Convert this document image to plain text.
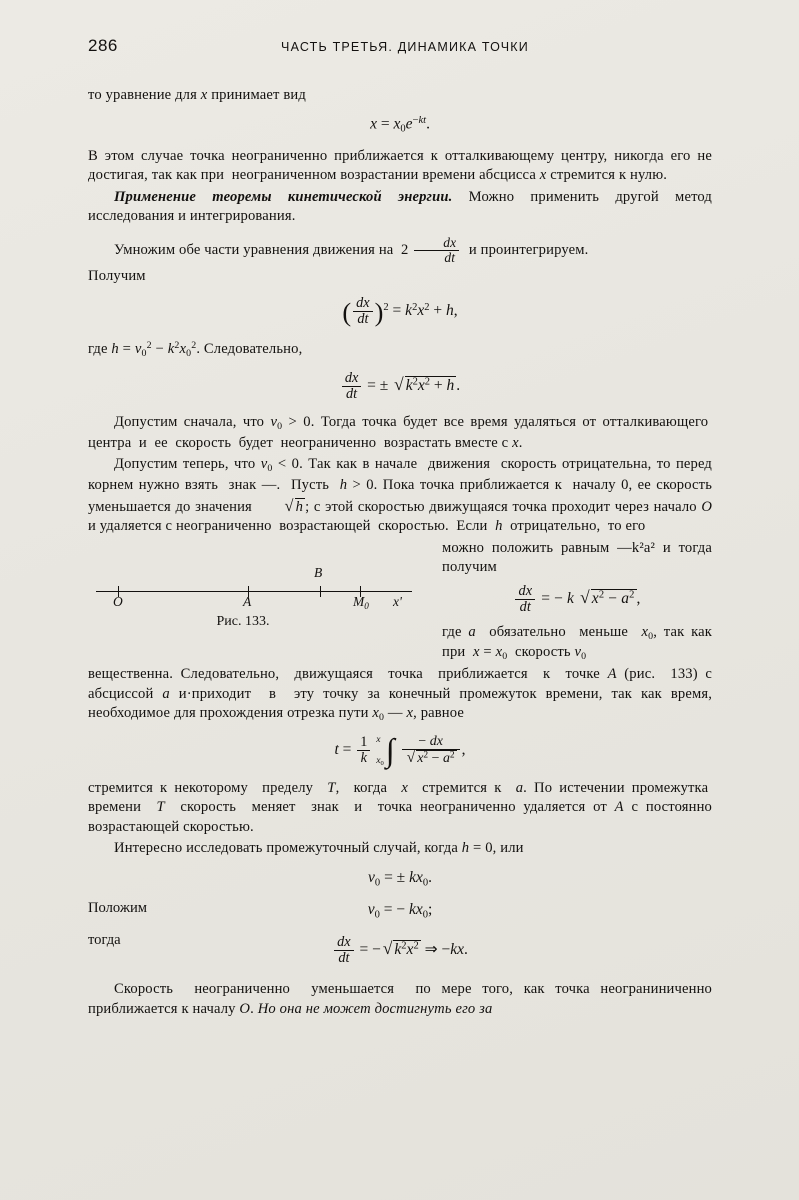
286	ЧАСТЬ ТРЕТЬЯ. ДИНАМИКА ТОЧКИ

то уравнение для x принимает вид

$x = x_0e^{-kt}$.

В этом случае точка неограниченно приближается к отталкивающему центру, никогда его не достигая, так как при  неограниченном возрастании времени абсцисса x стремится к нулю.

Применение теоремы кинетической энергии. Можно применить другой метод исследования и интегрирования.

Умножим обе части уравнения движения на  $2 \frac{dx}{dt}$ и проинтегрируем.

Получим

( $\frac{dx}{dt} )^2 = k^2x^2 + h$,

где $h = v_0^2 - k^2x_0^2$. Следовательно,

$\frac{dx}{dt}$ = ± √ $k^2x^2 + h$ .

Допустим сначала, что $v_0 > 0$. Тогда точка будет все время удаляться от отталкивающего  центра  и  ее  скорость  будет  неограниченно  возрастать вместе с x.

Допустим теперь, что $v_0 < 0$. Так как в начале  движения  скорость отрицательна, то перед корнем нужно взять  знак —.  Пусть  h > 0. Пока точка приближается к  началу 0, ее скорость уменьшается до значения √ h ; с этой скоростью движущаяся точка проходит через начало O и удаляется с неограниченно  возрастающей  скоростью.  Если  h  отрицательно,  то его

O	A
B
$M_0$ x'
Рис. 133.

можно положить равным —k²a² и тогда получим

$\frac{dx}{dt}$ = − k √ $x^2 - a^2$ ,

где a  обязательно  меньше  $x_0$, так как при  $x = x_0$  скорость $v_0$

вещественна. Следовательно,  движущаяся  точка  приближается  к  точке A (рис.  133) с абсциссой a и·приходит  в  эту точку за конечный промежуток времени, так как время, необходимое для прохождения отрезка пути $x_0$ — x, равное

$t = \frac{1}{k}$
x
$x_0$ ∫ $\frac{- dx}{√ x^2 - a^2}$ ,

стремится к некоторому  пределу  T,  когда  x  стремится к  a. По истечении промежутка  времени  T  скорость  меняет  знак  и  точка неограниченно удаляется от A с постоянно возрастающей скоростью.

Интересно исследовать промежуточный случай, когда h = 0, или

$v_0$ = ± $kx_0$.
Положим	$v_0$ = − $kx_0$;
тогда	$\frac{dx}{dt}$ = − √ $k^2x^2$ ⇒ −kx.

Скорость  неограниченно  уменьшается  по мере того, как точка неограниниченно приближается к началу O. Но она не может достигнуть его за
